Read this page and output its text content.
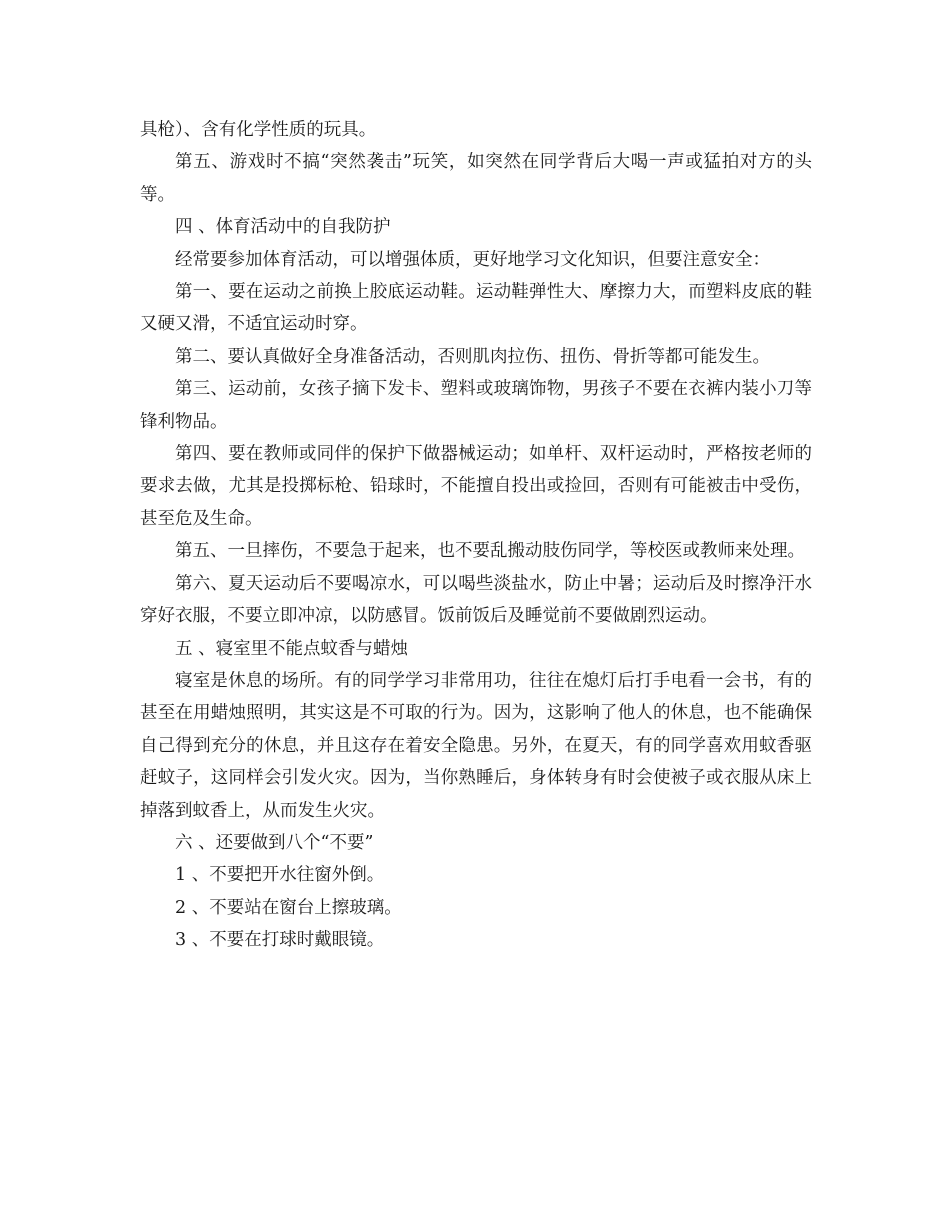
具枪）、含有化学性质的玩具。

第五、游戏时不搞“突然袭击”玩笑，如突然在同学背后大喝一声或猛拍对方的头等。

四 、体育活动中的自我防护

经常要参加体育活动，可以增强体质，更好地学习文化知识，但要注意安全：

第一、要在运动之前换上胶底运动鞋。运动鞋弹性大、摩擦力大，而塑料皮底的鞋又硬又滑，不适宜运动时穿。

第二、要认真做好全身准备活动，否则肌肉拉伤、扭伤、骨折等都可能发生。

第三、运动前，女孩子摘下发卡、塑料或玻璃饰物，男孩子不要在衣裤内装小刀等锋利物品。

第四、要在教师或同伴的保护下做器械运动；如单杆、双杆运动时，严格按老师的要求去做，尤其是投掷标枪、铅球时，不能擅自投出或捡回，否则有可能被击中受伤，甚至危及生命。

第五、一旦摔伤，不要急于起来，也不要乱搬动肢伤同学，等校医或教师来处理。

第六、夏天运动后不要喝凉水，可以喝些淡盐水，防止中暑；运动后及时擦净汗水穿好衣服，不要立即冲凉，以防感冒。饭前饭后及睡觉前不要做剧烈运动。

五 、寝室里不能点蚊香与蜡烛

寝室是休息的场所。有的同学学习非常用功，往往在熄灯后打手电看一会书，有的甚至在用蜡烛照明，其实这是不可取的行为。因为，这影响了他人的休息，也不能确保自己得到充分的休息，并且这存在着安全隐患。另外，在夏天，有的同学喜欢用蚊香驱赶蚊子，这同样会引发火灾。因为，当你熟睡后，身体转身有时会使被子或衣服从床上掉落到蚊香上，从而发生火灾。

六 、还要做到八个“不要”

1 、不要把开水往窗外倒。

2 、不要站在窗台上擦玻璃。

3 、不要在打球时戴眼镜。
